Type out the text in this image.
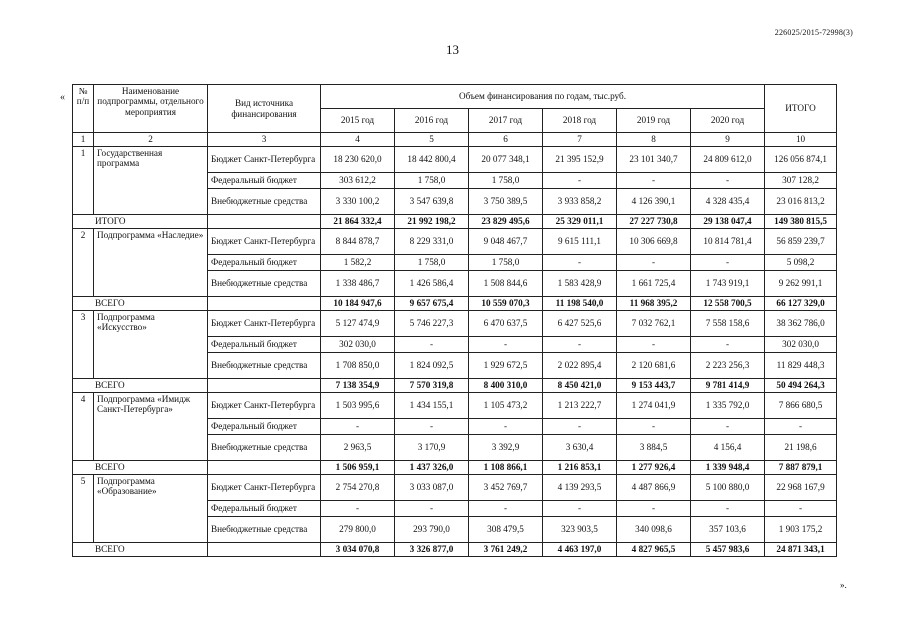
226025/2015-72998(3)
13
«
№ п/п	Наименование подпрограммы, отдельного мероприятия	Вид источника финансирования	Объем финансирования по годам, тыс.руб.						ИТОГО
			2015 год	2016 год	2017 год	2018 год	2019 год	2020 год	
1	2	3	4	5	6	7	8	9	10
1	Государственная программа	Бюджет Санкт-Петербурга	18 230 620,0	18 442 800,4	20 077 348,1	21 395 152,9	23 101 340,7	24 809 612,0	126 056 874,1
		Федеральный бюджет	303 612,2	1 758,0	1 758,0	-	-	-	307 128,2
		Внебюджетные средства	3 330 100,2	3 547 639,8	3 750 389,5	3 933 858,2	4 126 390,1	4 328 435,4	23 016 813,2
ИТОГО			21 864 332,4	21 992 198,2	23 829 495,6	25 329 011,1	27 227 730,8	29 138 047,4	149 380 815,5
2	Подпрограмма «Наследие»	Бюджет Санкт-Петербурга	8 844 878,7	8 229 331,0	9 048 467,7	9 615 111,1	10 306 669,8	10 814 781,4	56 859 239,7
		Федеральный бюджет	1 582,2	1 758,0	1 758,0	-	-	-	5 098,2
		Внебюджетные средства	1 338 486,7	1 426 586,4	1 508 844,6	1 583 428,9	1 661 725,4	1 743 919,1	9 262 991,1
ВСЕГО			10 184 947,6	9 657 675,4	10 559 070,3	11 198 540,0	11 968 395,2	12 558 700,5	66 127 329,0
3	Подпрограмма «Искусство»	Бюджет Санкт-Петербурга	5 127 474,9	5 746 227,3	6 470 637,5	6 427 525,6	7 032 762,1	7 558 158,6	38 362 786,0
		Федеральный бюджет	302 030,0	-	-	-	-	-	302 030,0
		Внебюджетные средства	1 708 850,0	1 824 092,5	1 929 672,5	2 022 895,4	2 120 681,6	2 223 256,3	11 829 448,3
ВСЕГО			7 138 354,9	7 570 319,8	8 400 310,0	8 450 421,0	9 153 443,7	9 781 414,9	50 494 264,3
4	Подпрограмма «Имидж Санкт-Петербурга»	Бюджет Санкт-Петербурга	1 503 995,6	1 434 155,1	1 105 473,2	1 213 222,7	1 274 041,9	1 335 792,0	7 866 680,5
		Федеральный бюджет	-	-	-	-	-	-	-
		Внебюджетные средства	2 963,5	3 170,9	3 392,9	3 630,4	3 884,5	4 156,4	21 198,6
ВСЕГО			1 506 959,1	1 437 326,0	1 108 866,1	1 216 853,1	1 277 926,4	1 339 948,4	7 887 879,1
5	Подпрограмма «Образование»	Бюджет Санкт-Петербурга	2 754 270,8	3 033 087,0	3 452 769,7	4 139 293,5	4 487 866,9	5 100 880,0	22 968 167,9
		Федеральный бюджет	-	-	-	-	-	-	-
		Внебюджетные средства	279 800,0	293 790,0	308 479,5	323 903,5	340 098,6	357 103,6	1 903 175,2
ВСЕГО			3 034 070,8	3 326 877,0	3 761 249,2	4 463 197,0	4 827 965,5	5 457 983,6	24 871 343,1
».
